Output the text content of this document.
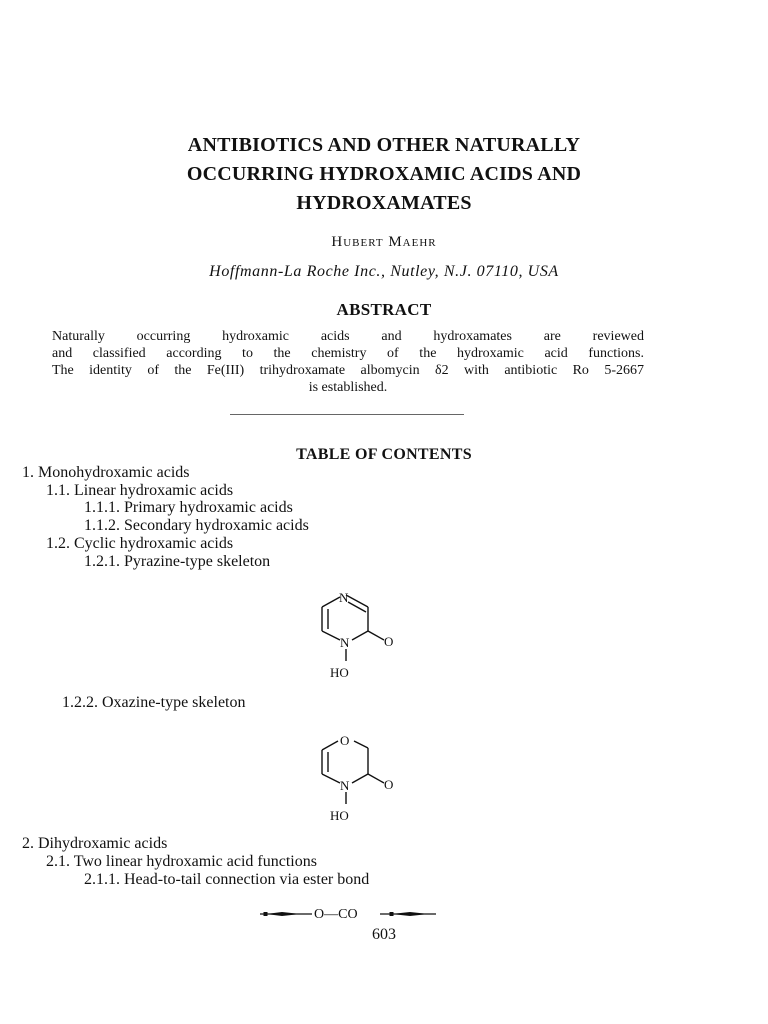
ANTIBIOTICS AND OTHER NATURALLY
OCCURRING HYDROXAMIC ACIDS AND
HYDROXAMATES
Hubert Maehr
Hoffmann-La Roche Inc., Nutley, N.J. 07110, USA
ABSTRACT
Naturally occurring hydroxamic acids and hydroxamates are reviewed
and classified according to the chemistry of the hydroxamic acid functions.
The identity of the Fe(III) trihydroxamate albomycin δ2 with antibiotic Ro 5-2667
is established.
TABLE OF CONTENTS
1. Monohydroxamic acids
1.1. Linear hydroxamic acids
1.1.1. Primary hydroxamic acids
1.1.2. Secondary hydroxamic acids
1.2. Cyclic hydroxamic acids
1.2.1. Pyrazine-type skeleton
N
N	O
HO
1.2.2. Oxazine-type skeleton
O
N	O
HO
2. Dihydroxamic acids
2.1. Two linear hydroxamic acid functions
2.1.1. Head-to-tail connection via ester bond
O—CO
603
